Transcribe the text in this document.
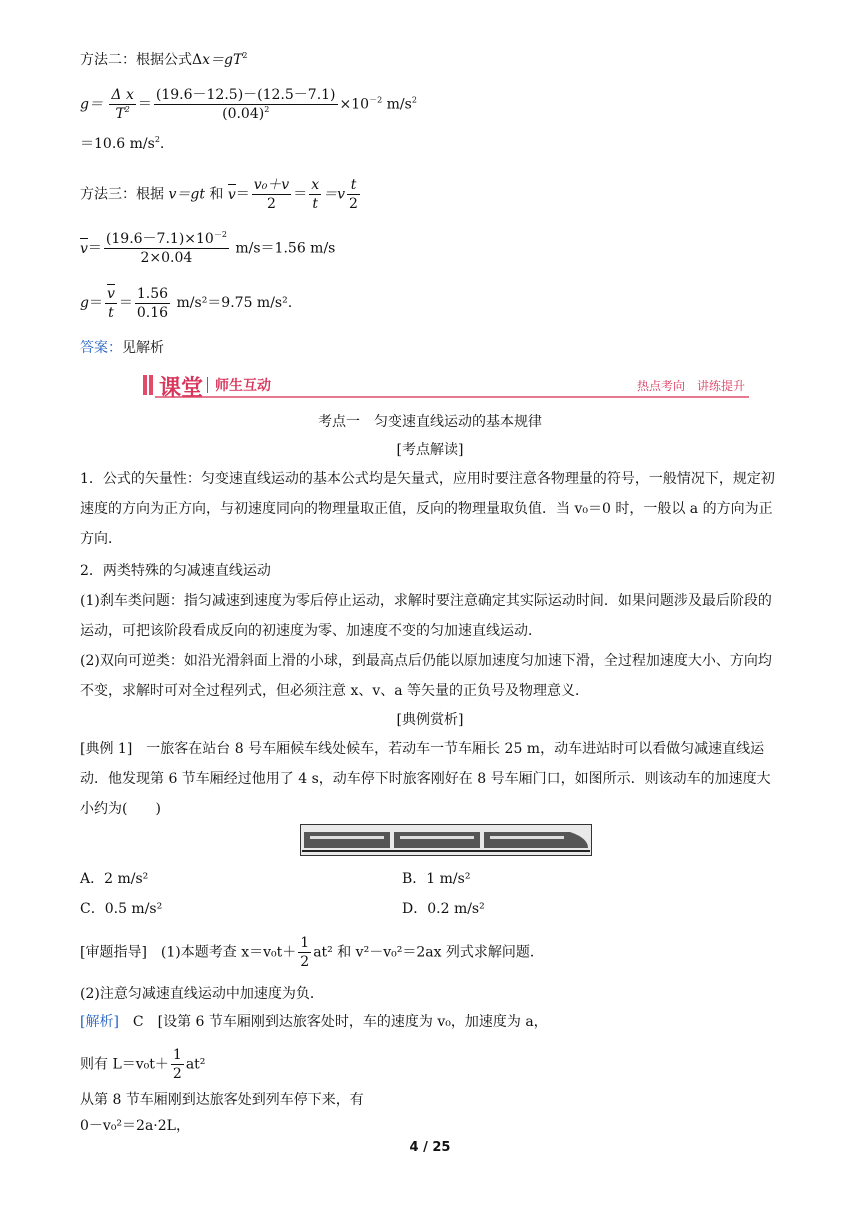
方法二：根据公式$\Delta x=gT^2$
$g= \frac{\text{Δ x}}{T^2} = \frac{(19.6-12.5)-(12.5-7.1)}{(0.04)^2} \times 10^{-2}$ $m/s^2$
＝10.6 $m/s^2$.
方法三：根据 v＝gt 和 $v= \frac{\text{v₀＋v}}{2} = \frac{x}{t} =v \frac{t}{2}$
$v= \frac{(19.6-7.1)\times 10^{-2}}{2\times 0.04} m/s=1.56$ m/s
$g= \frac{v}{t} = \frac{1.56}{0.16} m/s^2=9.75$ m/s².
答案：见解析
课堂 师生互动	热点考向　讲练提升
考点一　匀变速直线运动的基本规律
[考点解读]
1．公式的矢量性：匀变速直线运动的基本公式均是矢量式，应用时要注意各物理量的符号，一般情况下，规定初速度的方向为正方向，与初速度同向的物理量取正值，反向的物理量取负值．当 v₀＝0 时，一般以 a 的方向为正方向．
2．两类特殊的匀减速直线运动
(1)刹车类问题：指匀减速到速度为零后停止运动，求解时要注意确定其实际运动时间．如果问题涉及最后阶段的运动，可把该阶段看成反向的初速度为零、加速度不变的匀加速直线运动．
(2)双向可逆类：如沿光滑斜面上滑的小球，到最高点后仍能以原加速度匀加速下滑，全过程加速度大小、方向均不变，求解时可对全过程列式，但必须注意 x、v、a 等矢量的正负号及物理意义．
[典例赏析]
[典例 1]　一旅客在站台 8 号车厢候车线处候车，若动车一节车厢长 25 m，动车进站时可以看做匀减速直线运动．他发现第 6 节车厢经过他用了 4 s，动车停下时旅客刚好在 8 号车厢门口，如图所示．则该动车的加速度大小约为(　　)
A．2 m/s²	B．1 m/s²
C．0.5 m/s²	D．0.2 m/s²
[审题指导]　(1)本题考查 $x=v_0t+ \frac{1}{2} at^2$ 和 v²－v₀²＝2ax 列式求解问题．
(2)注意匀减速直线运动中加速度为负．
[解析]　C　[设第 6 节车厢刚到达旅客处时，车的速度为 v₀，加速度为 a，
则有 $L=v_0t+ \frac{1}{2} at^2$
从第 8 节车厢刚到达旅客处到列车停下来，有
0－v₀²＝2a·2L，
4 / 25
